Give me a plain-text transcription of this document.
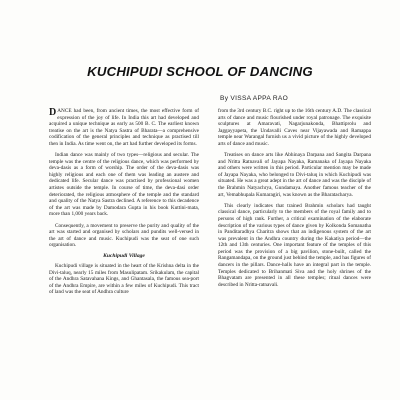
KUCHIPUDI SCHOOL OF DANCING
By VISSA APPA RAO

DANCE had been, from ancient times, the most effective form of expression of the joy of life. In India this art had developed and acquired a unique technique as early as 500 B. C. The earliest known treatise on the art is the Natya Sastra of Bharata—a comprehensive codification of the general principles and technique as practised till then in India. As time went on, the art had further developed its forms.

Indian dance was mainly of two types—religious and secular. The temple was the centre of the religious dance, which was performed by deva-dasis as a form of worship. The order of the deva-dasis was highly religious and each one of them was leading an austere and dedicated life. Secular dance was practised by professional women artistes outside the temple. In course of time, the deva-dasi order deteriorated, the religious atmosphere of the temple and the standard and quality of the Natya Sastra declined. A reference to this decadence of the art was made by Damodara Gupta in his book Kuttini-mata, more than 1,000 years back.

Consequently, a movement to preserve the purity and quality of the art was started and organised by scholars and pundits well-versed in the art of dance and music. Kuchipudi was the seat of one such organisation.

Kuchipudi Village

Kuchipudi village is situated in the heart of the Krishna delta in the Divi-taluq, nearly 15 miles from Masulipatam. Srikakulam, the capital of the Andhra Satavahana Kings, and Ghantasala, the famous sea-port of the Andhra Empire, are within a few miles of Kuchipudi. This tract of land was the seat of Andhra culture

from the 3rd century B.C. right up to the 16th century A.D. The classical arts of dance and music flourished under royal patronage. The exquisite sculptures at Amaravati, Nagarjunakonda, Bhattiprolu and Jaggayyapeta, the Undavalli Caves near Vijayawada and Ramappa temple near Warangal furnish us a vivid picture of the highly developed arts of dance and music.

Treatises on dance arts like Abhinaya Darpana and Sangita Darpana and Nritta Ratnavali of Jayapa Nayaka, Ramanaka of Jayapa Nayaka and others were written in this period. Particular mention may be made of Jayapa Nayaka, who belonged to Divi-taluq in which Kuchipudi was situated. He was a great adept in the art of dance and was the disciple of the Brahmin Natyachrya, Gundamaya. Another famous teacher of the art, Vemabhupala Kumaragiri, was known as the Bharatacharya.

This clearly indicates that trained Brahmin scholars had taught classical dance, particularly to the members of the royal family and to persons of high rank. Further, a critical examination of the elaborate description of the various types of dance given by Kolkonda Somanatha in Panditaradhya Charitra shows that an indigenous system of the art was prevalent in the Andhra country during the Kakatiya period—the 12th and 13th centuries. One important feature of the temples of this period was the provision of a big pavilion, stone-built, called the Rangamandapa, on the ground just behind the temple, and has figures of dancers in the pillars. Dance-halls have an integral part in the temple. Temples dedicated to Brihanmati Siva and the holy shrines of the Bhagvatam are presented in all these temples; ritual dances were described in Nritta-ratnavali.
